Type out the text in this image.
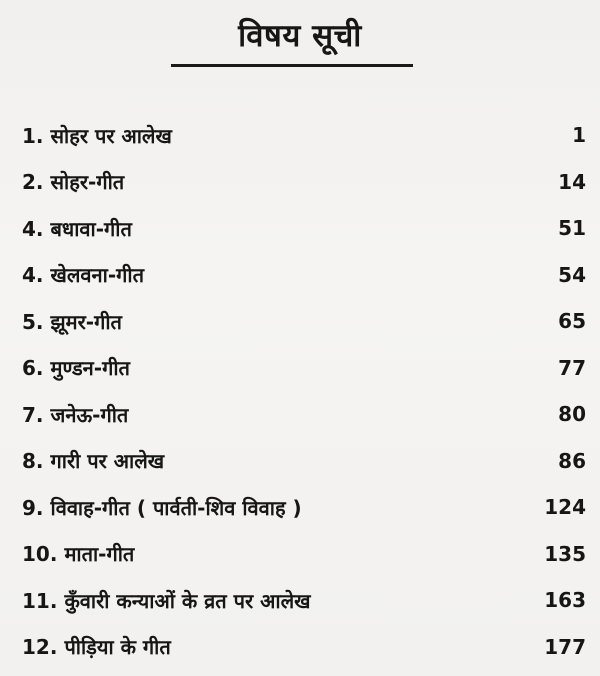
विषय सूची
1. सोहर पर आलेख	1
2. सोहर-गीत	14
4. बधावा-गीत	51
4. खेलवना-गीत	54
5. झूमर-गीत	65
6. मुण्डन-गीत	77
7. जनेऊ-गीत	80
8. गारी पर आलेख	86
9. विवाह-गीत ( पार्वती-शिव विवाह )	124
10. माता-गीत	135
11. कुँवारी कन्याओं के व्रत पर आलेख	163
12. पीड़िया के गीत	177
